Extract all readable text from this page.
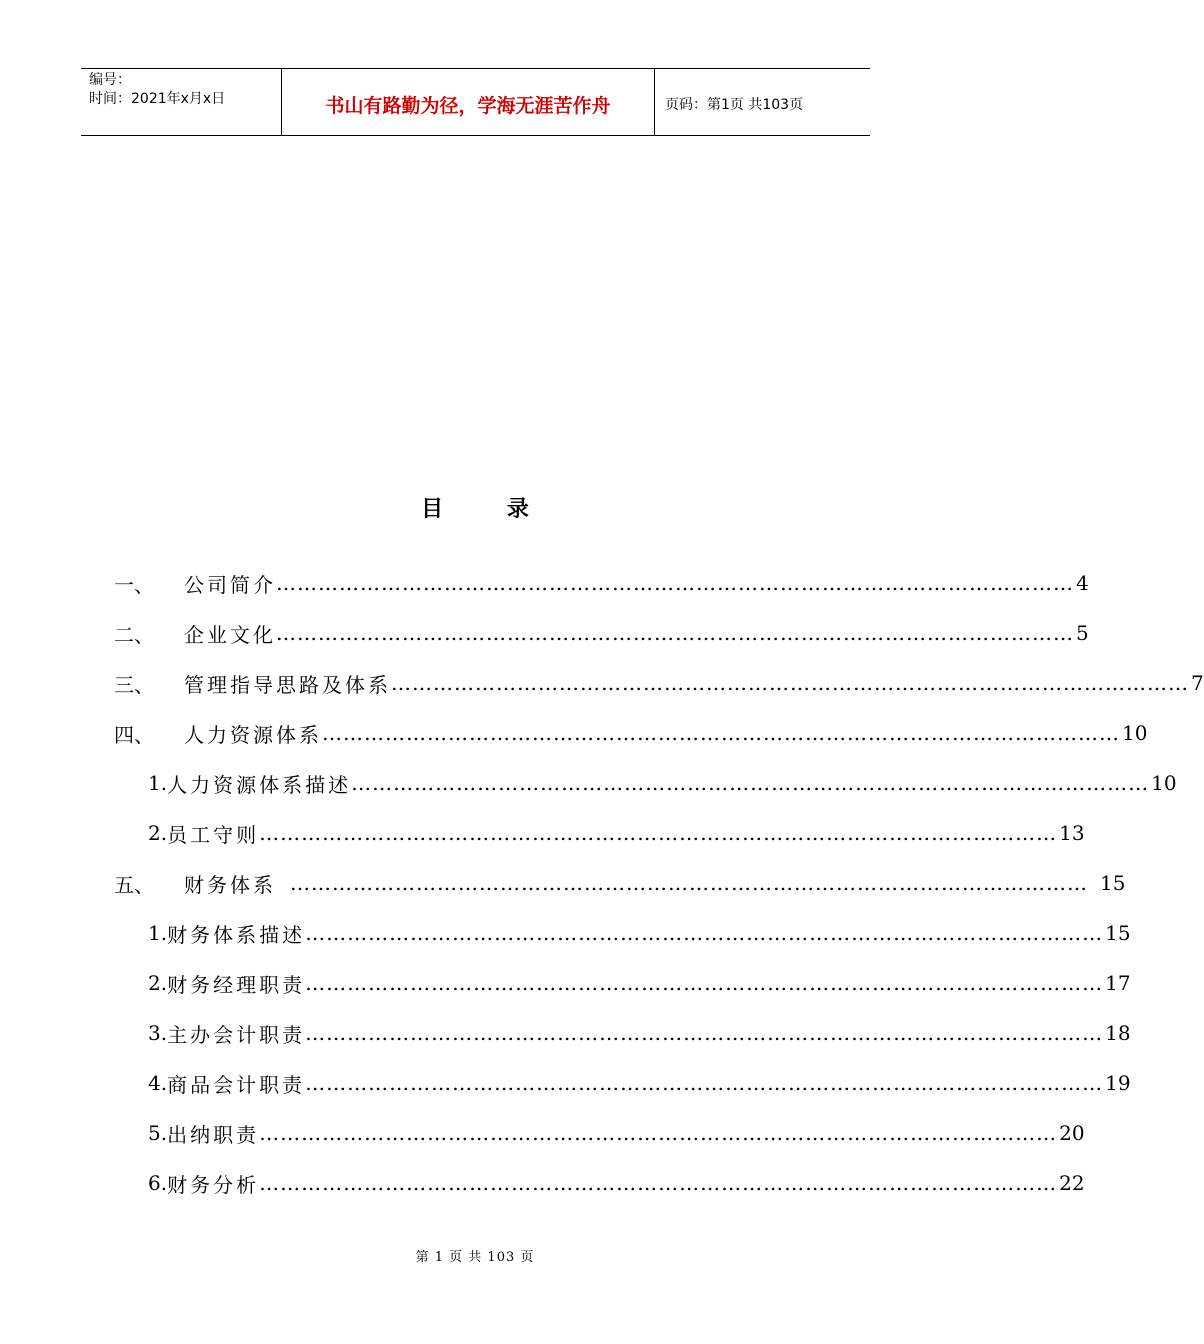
编号：
时间：2021年x月x日	书山有路勤为径，学海无涯苦作舟	页码：第1页 共103页
目 录
一、 公司简介 …………………………………………………………………………………………………… 4
二、 企业文化 …………………………………………………………………………………………………… 5
三、 管理指导思路及体系 …………………………………………………………………………………………………… 7
四、 人力资源体系 …………………………………………………………………………………………………… 10
1. 人力资源体系描述 …………………………………………………………………………………………………… 10
2. 员工守则 …………………………………………………………………………………………………… 13
五、 财务体系 …………………………………………………………………………………………………… 15
1. 财务体系描述 …………………………………………………………………………………………………… 15
2. 财务经理职责 …………………………………………………………………………………………………… 17
3. 主办会计职责 …………………………………………………………………………………………………… 18
4. 商品会计职责 …………………………………………………………………………………………………… 19
5. 出纳职责 …………………………………………………………………………………………………… 20
6. 财务分析 …………………………………………………………………………………………………… 22
第 1 页 共 103 页
